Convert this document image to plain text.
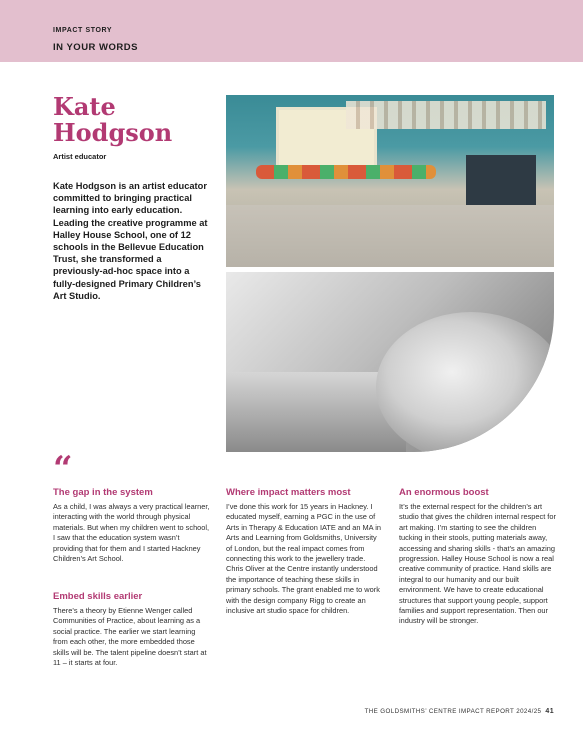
IMPACT STORY
IN YOUR WORDS
Kate Hodgson
Artist educator

Kate Hodgson is an artist educator committed to bringing practical learning into early education. Leading the creative programme at Halley House School, one of 12 schools in the Bellevue Education Trust, she transformed a previously-ad-hoc space into a fully-designed Primary Children’s Art Studio.

“
The gap in the system

As a child, I was always a very practical learner, interacting with the world through physical materials. But when my children went to school, I saw that the education system wasn’t providing that for them and I started Hackney Children’s Art School.

Embed skills earlier

There’s a theory by Etienne Wenger called Communities of Practice, about learning as a social practice. The earlier we start learning from each other, the more embedded those skills will be. The talent pipeline doesn’t start at 11 – it starts at four.

Where impact matters most

I’ve done this work for 15 years in Hackney. I educated myself, earning a PGC in the use of Arts in Therapy & Education IATE and an MA in Arts and Learning from Goldsmiths, University of London, but the real impact comes from connecting this work to the jewellery trade. Chris Oliver at the Centre instantly understood the importance of teaching these skills in primary schools. The grant enabled me to work with the design company Rigg to create an inclusive art studio space for children.

An enormous boost

It’s the external respect for the children’s art studio that gives the children internal respect for art making. I’m starting to see the children tucking in their stools, putting materials away, accessing and sharing skills - that’s an amazing progression. Halley House School is now a real creative community of practice. Hand skills are integral to our humanity and our built environment. We have to create educational structures that support young people, support families and support representation. Then our industry will be stronger.

THE GOLDSMITHS’ CENTRE IMPACT REPORT 2024/25 41
